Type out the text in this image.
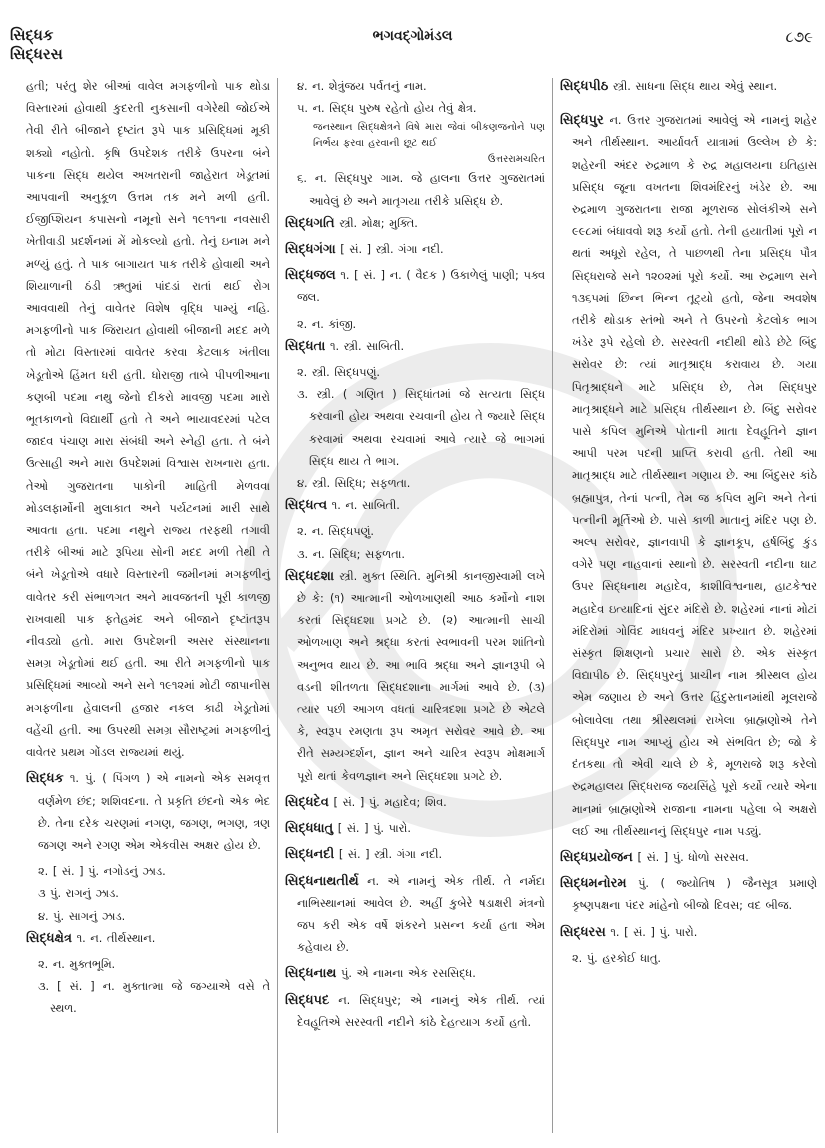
સિદ્ધક
સિદ્ધરસ
ભગવદ્ગોમંડલ	૮૭૯
હતી; પરંતુ શેર બીઆં વાવેલ મગફળીનો પાક થોડા વિસ્તારમાં હોવાથી કુદરતી નુકસાની વગેરેથી જોઈએ તેવી રીતે બીજાને દૃષ્ટાંત રૂપે પાક પ્રસિદ્ધિમાં મૂકી શક્યો નહોતો. કૃષિ ઉપદેશક તરીકે ઉપરના બંને પાકના સિદ્ધ થયેલ અખતરાની જાહેરાત ખેડૂતમાં આપવાની અનુકૂળ ઉત્તમ તક મને મળી હતી. ઈજીપ્શિયન કપાસનો નમૂનો સને ૧૯૧૧ના નવસારી ખેતીવાડી પ્રદર્શનમાં મેં મોકલ્યો હતો. તેનું ઇનામ મને મળ્યું હતું. તે પાક બાગાયત પાક તરીકે હોવાથી અને શિયાળાની ઠંડી ઋતુમાં પાંદડાં રાતાં થઈ રોગ આવવાથી તેનું વાવેતર વિશેષ વૃદ્ધિ પામ્યું નહિ. મગફળીનો પાક જિરાયત હોવાથી બીજાની મદદ મળે તો મોટા વિસ્તારમાં વાવેતર કરવા કેટલાક ખંતીલા ખેડૂતોએ હિંમત ધરી હતી. ધોરાજી તાબે પીપળીઆના કણબી પદમા નથુ જેનો દીકરો માવજી પદમા મારો ભૂતકાળનો વિદ્યાર્થી હતો તે અને ભાયાવદરમાં પટેલ જાદવ પંચાણ મારા સંબંધી અને સ્નેહી હતા. તે બંને ઉત્સાહી અને મારા ઉપદેશમાં વિશ્વાસ રાખનારા હતા. તેઓ ગુજરાતના પાકોની માહિતી મેળવવા મોડલફાર્મોની મુલાકાત અને પર્યટનમાં મારી સાથે આવતા હતા. પદમા નથુને રાજ્ય તરફથી તગાવી તરીકે બીઆં માટે રૂપિયા સોની મદદ મળી તેથી તે બંને ખેડૂતોએ વધારે વિસ્તારની જમીનમાં મગફળીનું વાવેતર કરી સંભાળગત અને માવજતની પૂરી કાળજી રાખવાથી પાક ફતેહમંદ અને બીજાને દૃષ્ટાંતરૂપ નીવડ્યો હતો. મારા ઉપદેશની અસર સંસ્થાનના સમગ્ર ખેડૂતોમાં થઈ હતી. આ રીતે મગફળીનો પાક પ્રસિદ્ધિમાં આવ્યો અને સને ૧૯૧૨માં મોટી જાપાનીસ મગફળીના હેવાલની હજાર નકલ કાઢી ખેડૂતોમાં વહેંચી હતી. આ ઉપરથી સમગ્ર સૌરાષ્ટ્રમાં મગફળીનું વાવેતર પ્રથમ ગોંડલ રાજ્યમાં થયું.
સિદ્ધક ૧. પું. ( પિંગળ ) એ નામનો એક સમવૃત્ત વર્ણમેળ છંદ; શશિવદના. તે પ્રકૃતિ છંદનો એક ભેદ છે. તેના દરેક ચરણમાં નગણ, જગણ, ભગણ, ત્રણ જગણ અને રગણ એમ એકવીસ અક્ષર હોય છે.
૨. [ સં. ] પું. નગોડનું ઝાડ.
૩ પું. રાગનું ઝાડ.
૪. પું. સાગનું ઝાડ.
સિદ્ધક્ષેત્ર ૧. ન. તીર્થસ્થાન.
૨. ન. મુક્તભૂમિ.
૩. [ સં. ] ન. મુક્તાત્મા જે જગ્યાએ વસે તે સ્થળ.
૪. ન. શેત્રુંજય પર્વતનું નામ.
૫. ન. સિદ્ધ પુરુષ રહેતો હોય તેવું ક્ષેત્ર.
જનસ્થાન સિદ્ધક્ષેત્રને વિષે મારા જેવાં બીકણજનોને પણ નિર્ભય ફરવા હરવાની છૂટ થઈ
ઉત્તરરામચરિત
૬. ન. સિદ્ધપુર ગામ. જે હાલના ઉત્તર ગુજરાતમાં આવેલું છે અને માતૃગયા તરીકે પ્રસિદ્ધ છે.
સિદ્ધગતિ સ્ત્રી. મોક્ષ; મુક્તિ.
સિદ્ધગંગા [ સં. ] સ્ત્રી. ગંગા નદી.
સિદ્ધજલ ૧. [ સં. ] ન. ( વૈદક ) ઉકાળેલું પાણી; પક્વ જલ.
૨. ન. કાંજી.
સિદ્ધતા ૧. સ્ત્રી. સાબિતી.
૨. સ્ત્રી. સિદ્ધપણું.
૩. સ્ત્રી. ( ગણિત ) સિદ્ધાંતમાં જે સત્યતા સિદ્ધ કરવાની હોય અથવા રચવાની હોય તે જ્યારે સિદ્ધ કરવામાં અથવા રચવામાં આવે ત્યારે જે ભાગમાં સિદ્ધ થાય તે ભાગ.
૪. સ્ત્રી. સિદ્ધિ; સફળતા.
સિદ્ધત્વ ૧. ન. સાબિતી.
૨. ન. સિદ્ધપણું.
૩. ન. સિદ્ધિ; સફળતા.
સિદ્ધદશા સ્ત્રી. મુક્ત સ્થિતિ. મુનિશ્રી કાનજીસ્વામી લખે છે કે: (૧) આત્માની ઓળખાણથી આઠ કર્મોનો નાશ કરતાં સિદ્ધદશા પ્રગટે છે. (૨) આત્માની સાચી ઓળખાણ અને શ્રદ્ધા કરતાં સ્વભાવની પરમ શાંતિનો અનુભવ થાય છે. આ ભાવિ શ્રદ્ધા અને જ્ઞાનરૂપી બે વડની શીતળતા સિદ્ધદશાના માર્ગમાં આવે છે. (૩) ત્યાર પછી આગળ વધતાં ચારિત્રદશા પ્રગટે છે એટલે કે, સ્વરૂપ રમણતા રૂપ અમૃત સરોવર આવે છે. આ રીતે સમ્યગ્દર્શન, જ્ઞાન અને ચારિત્ર સ્વરૂપ મોક્ષમાર્ગ પૂરો થતાં કેવળજ્ઞાન અને સિદ્ધદશા પ્રગટે છે.
સિદ્ધદેવ [ સં. ] પું. મહાદેવ; શિવ.
સિદ્ધધાતુ [ સં. ] પું. પારો.
સિદ્ધનદી [ સં. ] સ્ત્રી. ગંગા નદી.
સિદ્ધનાથતીર્થ ન. એ નામનું એક તીર્થ. તે નર્મદા નાભિસ્થાનમાં આવેલ છે. અહીં કુબેરે ષડાક્ષરી મંત્રનો જપ કરી એક વર્ષે શંકરને પ્રસન્ન કર્યા હતા એમ કહેવાય છે.
સિદ્ધનાથ પું. એ નામના એક રસસિદ્ધ.
સિદ્ધપદ ન. સિદ્ધપુર; એ નામનું એક તીર્થ. ત્યાં દેવહૂતિએ સરસ્વતી નદીને કાંઠે દેહત્યાગ કર્યો હતો.
સિદ્ધપીઠ સ્ત્રી. સાધના સિદ્ધ થાય એવું સ્થાન.
સિદ્ધપુર ન. ઉત્તર ગુજરાતમાં આવેલું એ નામનું શહેર અને તીર્થસ્થાન. આર્યાવર્ત યાત્રામાં ઉલ્લેખ છે કે: શહેરની અંદર રુદ્રમાળ કે રુદ્ર મહાલયના ઇતિહાસ પ્રસિદ્ધ જૂના વખતના શિવમંદિરનું ખંડેર છે. આ રુદ્રમાળ ગુજરાતના રાજા મૂળરાજ સોલંકીએ સને ૯૯૮માં બંધાવવો શરૂ કર્યો હતો. તેની હયાતીમાં પૂરો ન થતાં અધૂરો રહેલ, તે પાછળથી તેના પ્રસિદ્ધ પૌત્ર સિદ્ધરાજે સને ૧૨૦૨માં પૂરો કર્યો. આ રુદ્રમાળ સને ૧૩૬૫માં છિન્ન ભિન્ન તૂટ્યો હતો, જેના અવશેષ તરીકે થોડાક સ્તંભો અને તે ઉપરનો કેટલોક ભાગ ખંડેર રૂપે રહેલો છે. સરસ્વતી નદીથી થોડે છેટે બિંદુ સરોવર છે: ત્યાં માતૃશ્રાદ્ધ કરાવાય છે. ગયા પિતૃશ્રાદ્ધને માટે પ્રસિદ્ધ છે, તેમ સિદ્ધપુર માતૃશ્રાદ્ધને માટે પ્રસિદ્ધ તીર્થસ્થાન છે. બિંદુ સરોવર પાસે કપિલ મુનિએ પોતાની માતા દેવહૂતિને જ્ઞાન આપી પરમ પદની પ્રાપ્તિ કરાવી હતી. તેથી આ માતૃશ્રાદ્ધ માટે તીર્થસ્થાન ગણાય છે. આ બિંદુસર કાંઠે બ્રહ્માપુત્ર, તેનાં પત્ની, તેમ જ કપિલ મુનિ અને તેનાં પત્નીની મૂર્તિઓ છે. પાસે કાળી માતાનું મંદિર પણ છે. અલ્પ સરોવર, જ્ઞાનવાપી કે જ્ઞાનકૂપ, હર્ષબિંદુ કુંડ વગેરે પણ નાહવાનાં સ્થાનો છે. સરસ્વતી નદીના ઘાટ ઉપર સિદ્ધનાથ મહાદેવ, કાશીવિશ્વનાથ, હાટકેશ્વર મહાદેવ ઇત્યાદિનાં સુંદર મંદિરો છે. શહેરમાં નાનાં મોટાં મંદિરોમાં ગોવિંદ માધવનું મંદિર પ્રખ્યાત છે. શહેરમાં સંસ્કૃત શિક્ષણનો પ્રચાર સારો છે. એક સંસ્કૃત વિદ્યાપીઠ છે. સિદ્ધપુરનું પ્રાચીન નામ શ્રીસ્થલ હોય એમ જણાય છે અને ઉત્તર હિંદુસ્તાનમાંથી મૂલરાજે બોલાવેલા તથા શ્રીસ્થલમાં રાખેલા બ્રાહ્મણોએ તેને સિદ્ધપુર નામ આપ્યું હોય એ સંભવિત છે; જો કે દંતકથા તો એવી ચાલે છે કે, મૂળરાજે શરૂ કરેલો રુદ્રમહાલય સિદ્ધરાજ જયસિંહે પૂરો કર્યો ત્યારે એના માનમાં બ્રાહ્મણોએ રાજાના નામના પહેલા બે અક્ષરો લઈ આ તીર્થસ્થાનનું સિદ્ધપુર નામ પડ્યું.
સિદ્ધપ્રયોજન [ સં. ] પું. ધોળો સરસવ.
સિદ્ધમનોરમ પું. ( જ્યોતિષ ) જૈનસૂત્ર પ્રમાણે કૃષ્ણપક્ષના પંદર માંહેનો બીજો દિવસ; વદ બીજ.
સિદ્ધરસ ૧. [ સં. ] પું. પારો.
૨. પું. હરકોઈ ધાતુ.
